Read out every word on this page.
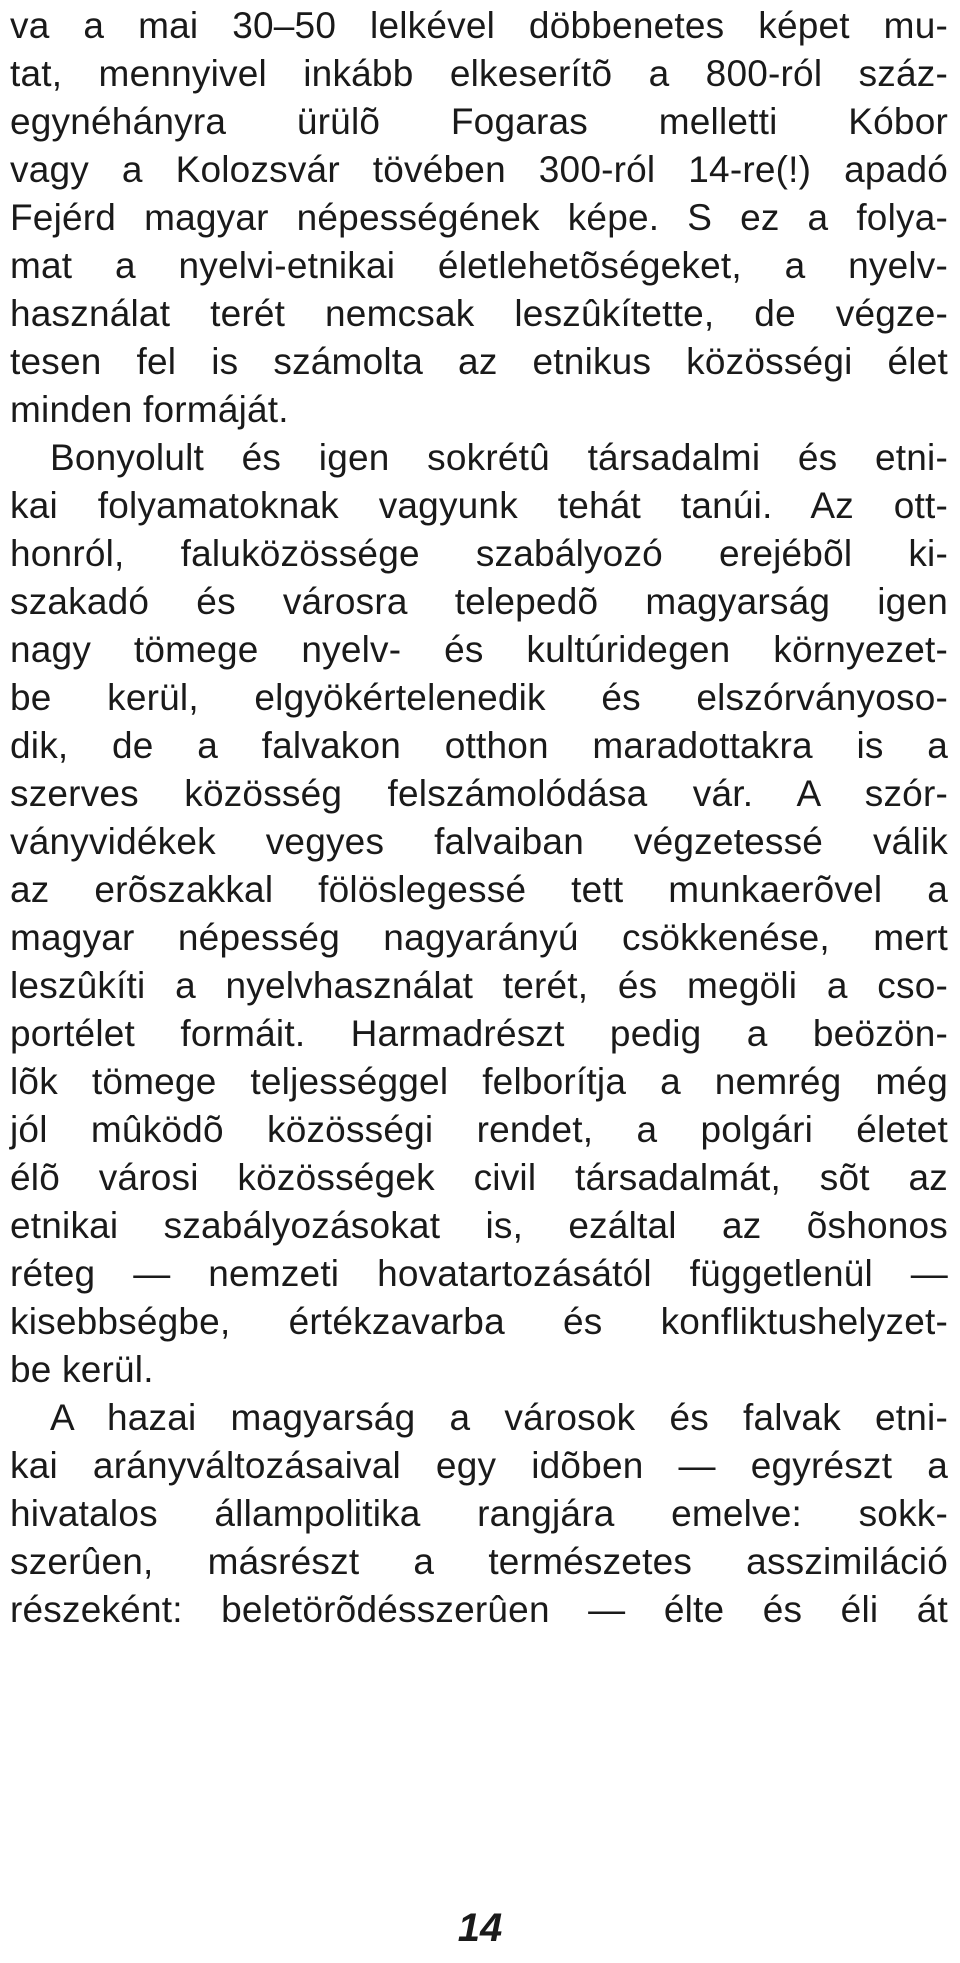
va a mai 30–50 lelkével döbbenetes képet mu-
tat, mennyivel inkább elkeserítõ a 800-ról száz-
egynéhányra ürülõ Fogaras melletti Kóbor
vagy a Kolozsvár tövében 300-ról 14-re(!) apadó
Fejérd magyar népességének képe. S ez a folya-
mat a nyelvi-etnikai életlehetõségeket, a nyelv-
használat terét nemcsak leszûkítette, de végze-
tesen fel is számolta az etnikus közösségi élet
minden formáját.
Bonyolult és igen sokrétû társadalmi és etni-
kai folyamatoknak vagyunk tehát tanúi. Az ott-
honról, faluközössége szabályozó erejébõl ki-
szakadó és városra telepedõ magyarság igen
nagy tömege nyelv- és kultúridegen környezet-
be kerül, elgyökértelenedik és elszórványoso-
dik, de a falvakon otthon maradottakra is a
szerves közösség felszámolódása vár. A szór-
ványvidékek vegyes falvaiban végzetessé válik
az erõszakkal fölöslegessé tett munkaerõvel a
magyar népesség nagyarányú csökkenése, mert
leszûkíti a nyelvhasználat terét, és megöli a cso-
portélet formáit. Harmadrészt pedig a beözön-
lõk tömege teljességgel felborítja a nemrég még
jól mûködõ közösségi rendet, a polgári életet
élõ városi közösségek civil társadalmát, sõt az
etnikai szabályozásokat is, ezáltal az õshonos
réteg — nemzeti hovatartozásától függetlenül —
kisebbségbe, értékzavarba és konfliktushelyzet-
be kerül.
A hazai magyarság a városok és falvak etni-
kai arányváltozásaival egy idõben — egyrészt a
hivatalos állampolitika rangjára emelve: sokk-
szerûen, másrészt a természetes asszimiláció
részeként: beletörõdésszerûen — élte és éli át
14
